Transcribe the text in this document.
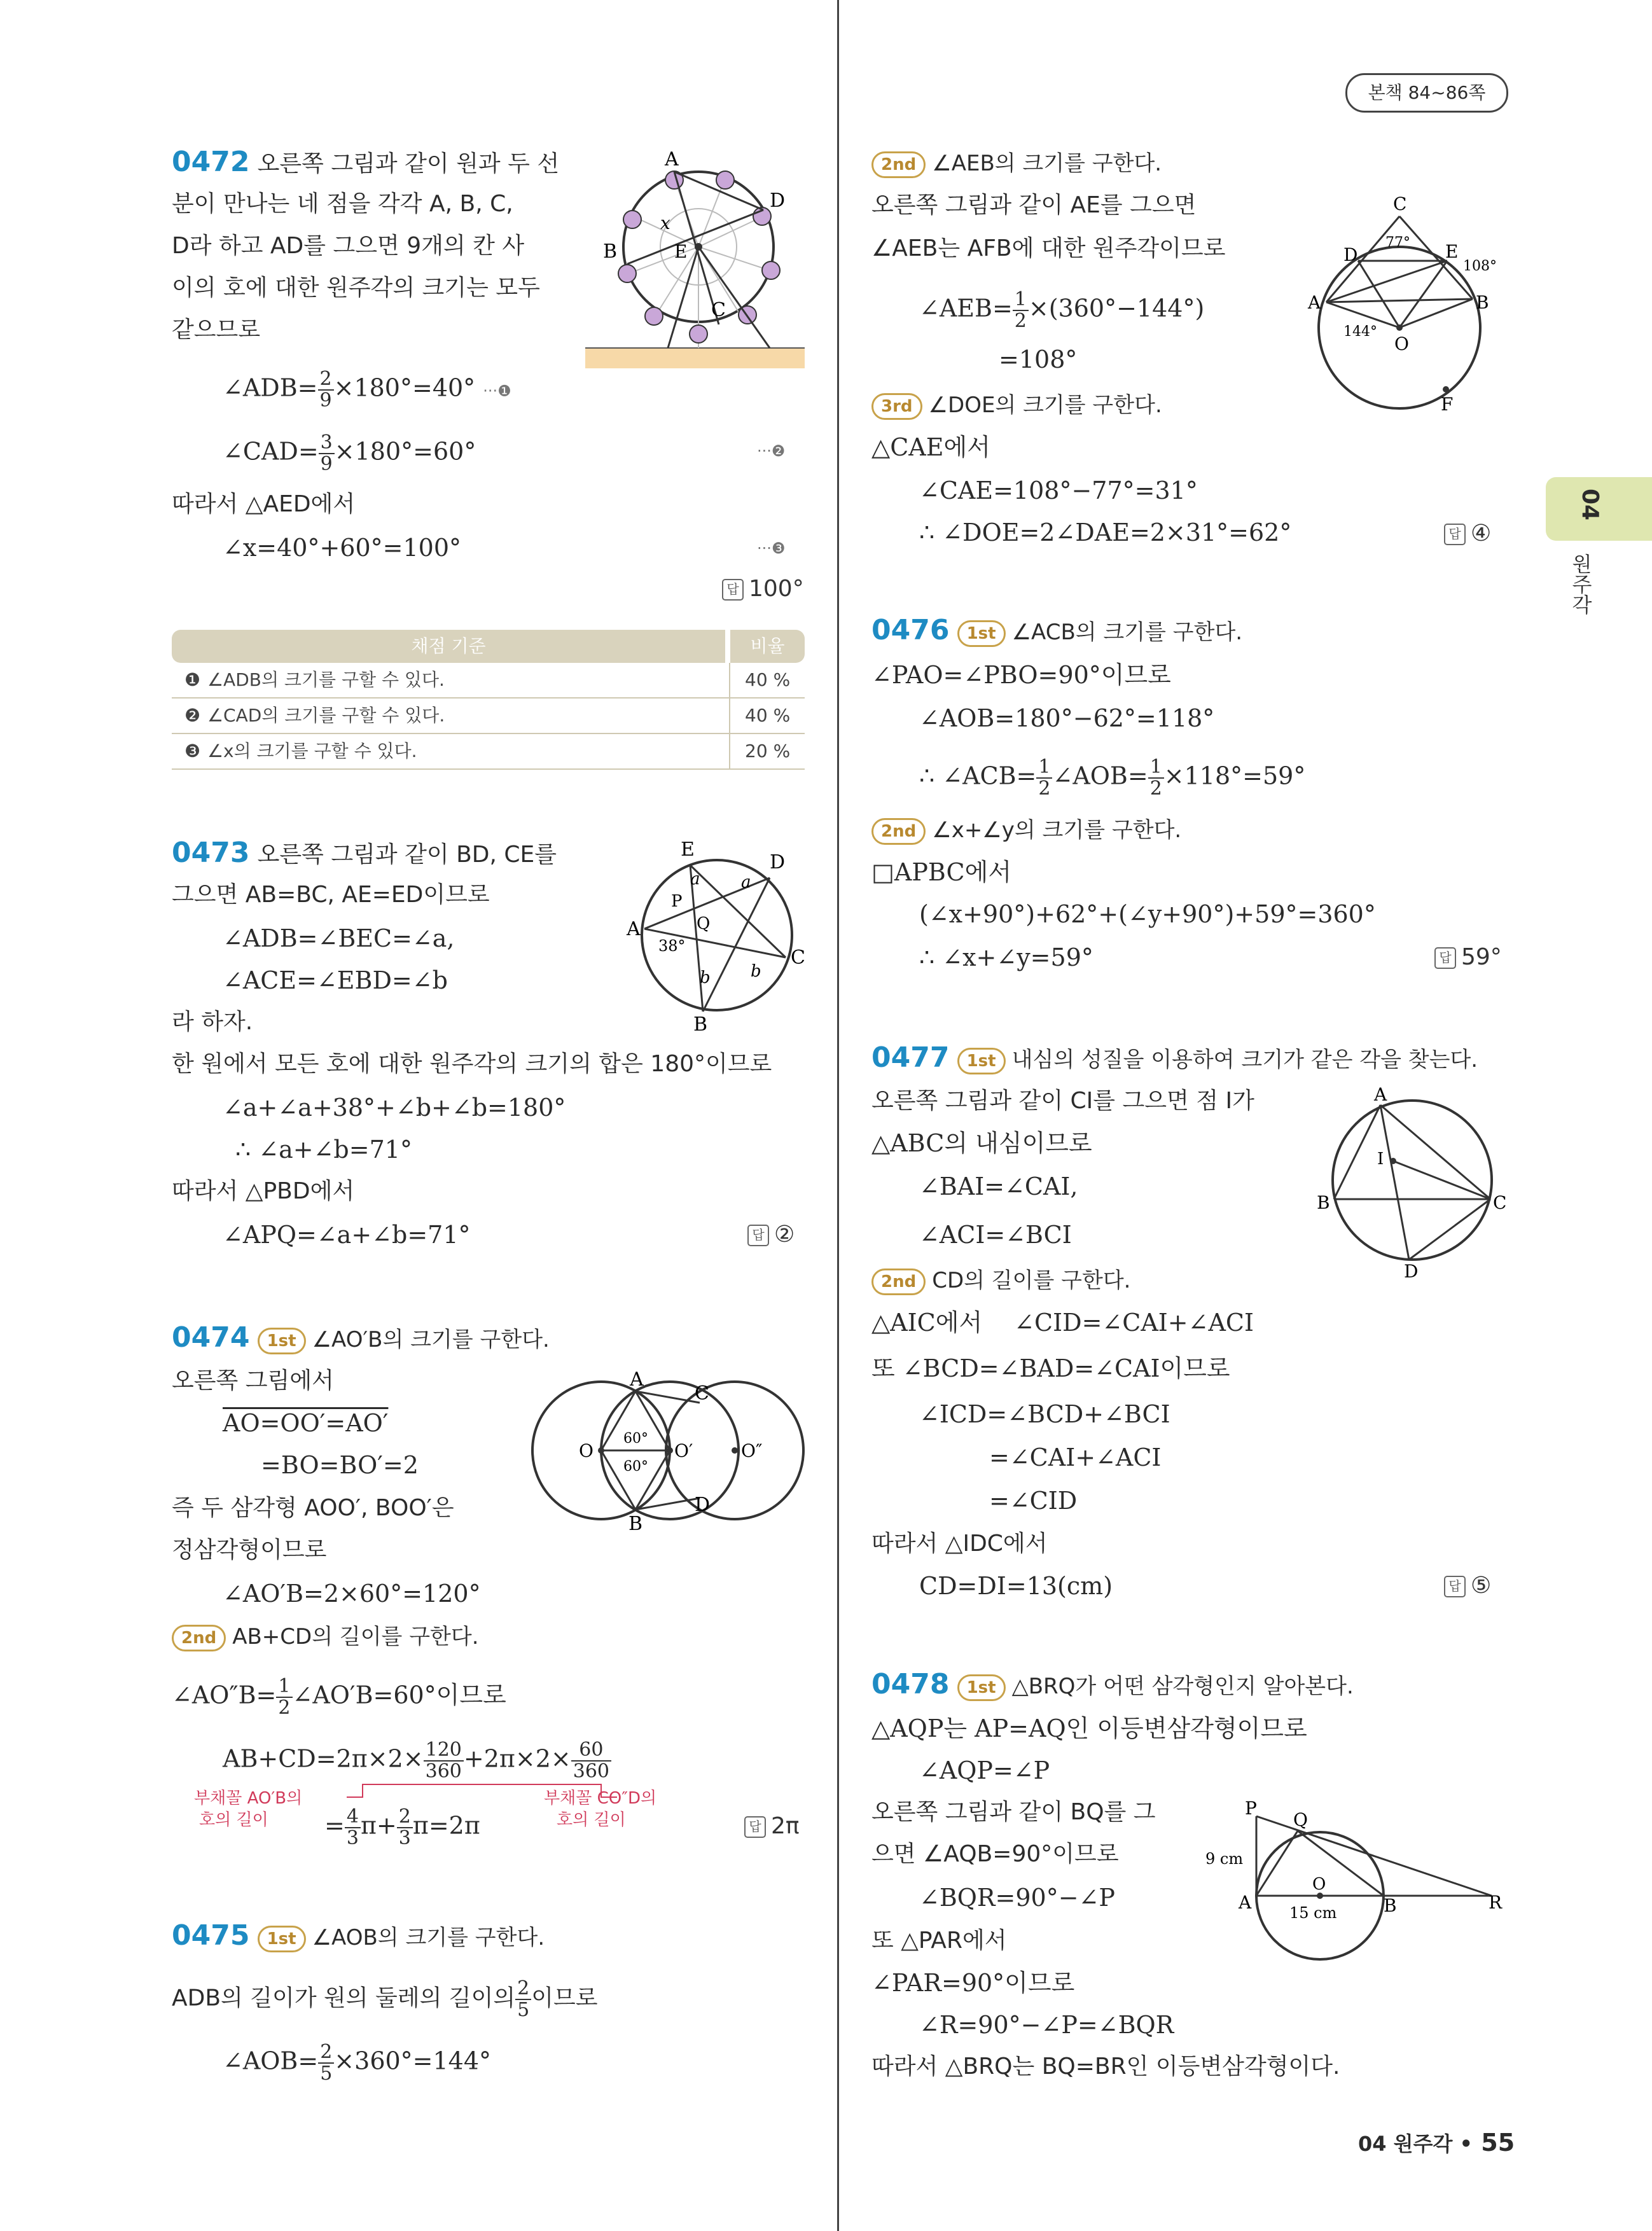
본책 84~86쪽
04
원주각
0472 오른쪽 그림과 같이 원과 두 선
분이 만나는 네 점을 각각 A, B, C,
D라 하고 AD를 그으면 9개의 칸 사
이의 호에 대한 원주각의 크기는 모두
같으므로
∠ADB= $\frac{2}{9} \times 180^\circ=40^\circ$ ···❶
∠CAD= $\frac{3}{9} \times 180^\circ=60^\circ$	···❷
따라서 △AED에서
∠x=40°+60°=100°	···❸
답 100°
A
D
B	E
C
x
채점 기준	비율
❶ ∠ADB의 크기를 구할 수 있다.	40 %
❷ ∠CAD의 크기를 구할 수 있다.	40 %
❸ ∠x의 크기를 구할 수 있다.	20 %
0473 오른쪽 그림과 같이 BD, CE를
그으면 AB=BC, AE=ED이므로
∠ADB=∠BEC=∠a,
∠ACE=∠EBD=∠b
라 하자.
한 원에서 모든 호에 대한 원주각의 크기의 합은 180°이므로
∠a+∠a+38°+∠b+∠b=180°
∴ ∠a+∠b=71°
따라서 △PBD에서
∠APQ=∠a+∠b=71°	답 ②
A
E
D
C
B
P
Q
a a
b b
38°
0474 1st ∠AO′B의 크기를 구한다.
오른쪽 그림에서
AO=OO′=AO′
=BO=BO′=2
즉 두 삼각형 AOO′, BOO′은
정삼각형이므로
∠AO′B=2×60°=120°
2nd AB+CD의 길이를 구한다.
∠AO″B= $\frac{1}{2}$ ∠AO′B=60°이므로
$AB+CD=2\pi\times 2\times \frac{120}{360} +2\pi\times 2\times \frac{60}{360}$
= $\frac{4}{3} \pi+ \frac{2}{3} \pi=2\pi$
부채꼴 AO′B의
호의 길이
부채꼴 CO″D의
호의 길이	답 2π
A
B
C
D
O	O′	O″
60°
60°
0475 1st ∠AOB의 크기를 구한다.
ADB의 길이가 원의 둘레의 길이의 $\frac{2}{5}$ 이므로
∠AOB= $\frac{2}{5} \times 360^\circ=144^\circ$
2nd ∠AEB의 크기를 구한다.
오른쪽 그림과 같이 AE를 그으면
∠AEB는 AFB에 대한 원주각이므로
∠AEB= $\frac{1}{2} \times(360^\circ-144^\circ)$
=108°
3rd ∠DOE의 크기를 구한다.
△CAE에서
∠CAE=108°−77°=31°
∴ ∠DOE=2∠DAE=2×31°=62°	답 ④
C
D	E
A	B
O
F
77°
108°
144°
0476 1st ∠ACB의 크기를 구한다.
∠PAO=∠PBO=90°이므로
∠AOB=180°−62°=118°
∴ ∠ACB= $\frac{1}{2}$ ∠AOB= $\frac{1}{2} \times 118^\circ=59^\circ$
2nd ∠x+∠y의 크기를 구한다.
□APBC에서
(∠x+90°)+62°+(∠y+90°)+59°=360°
∴ ∠x+∠y=59°	답 59°
0477 1st 내심의 성질을 이용하여 크기가 같은 각을 찾는다.
오른쪽 그림과 같이 CI를 그으면 점 I가
△ABC의 내심이므로
∠BAI=∠CAI,
∠ACI=∠BCI
2nd CD의 길이를 구한다.
△AIC에서 ∠CID=∠CAI+∠ACI
또 ∠BCD=∠BAD=∠CAI이므로
∠ICD=∠BCD+∠BCI
=∠CAI+∠ACI
=∠CID
따라서 △IDC에서
CD=DI=13(cm)	답 ⑤
A
B	C
D
I
0478 1st △BRQ가 어떤 삼각형인지 알아본다.
△AQP는 AP=AQ인 이등변삼각형이므로
∠AQP=∠P
오른쪽 그림과 같이 BQ를 그
으면 ∠AQB=90°이므로
∠BQR=90°−∠P
또 △PAR에서
∠PAR=90°이므로
∠R=90°−∠P=∠BQR
따라서 △BRQ는 BQ=BR인 이등변삼각형이다.
P
Q
A
O
B	R
9 cm
15 cm
04 원주각 • 55
